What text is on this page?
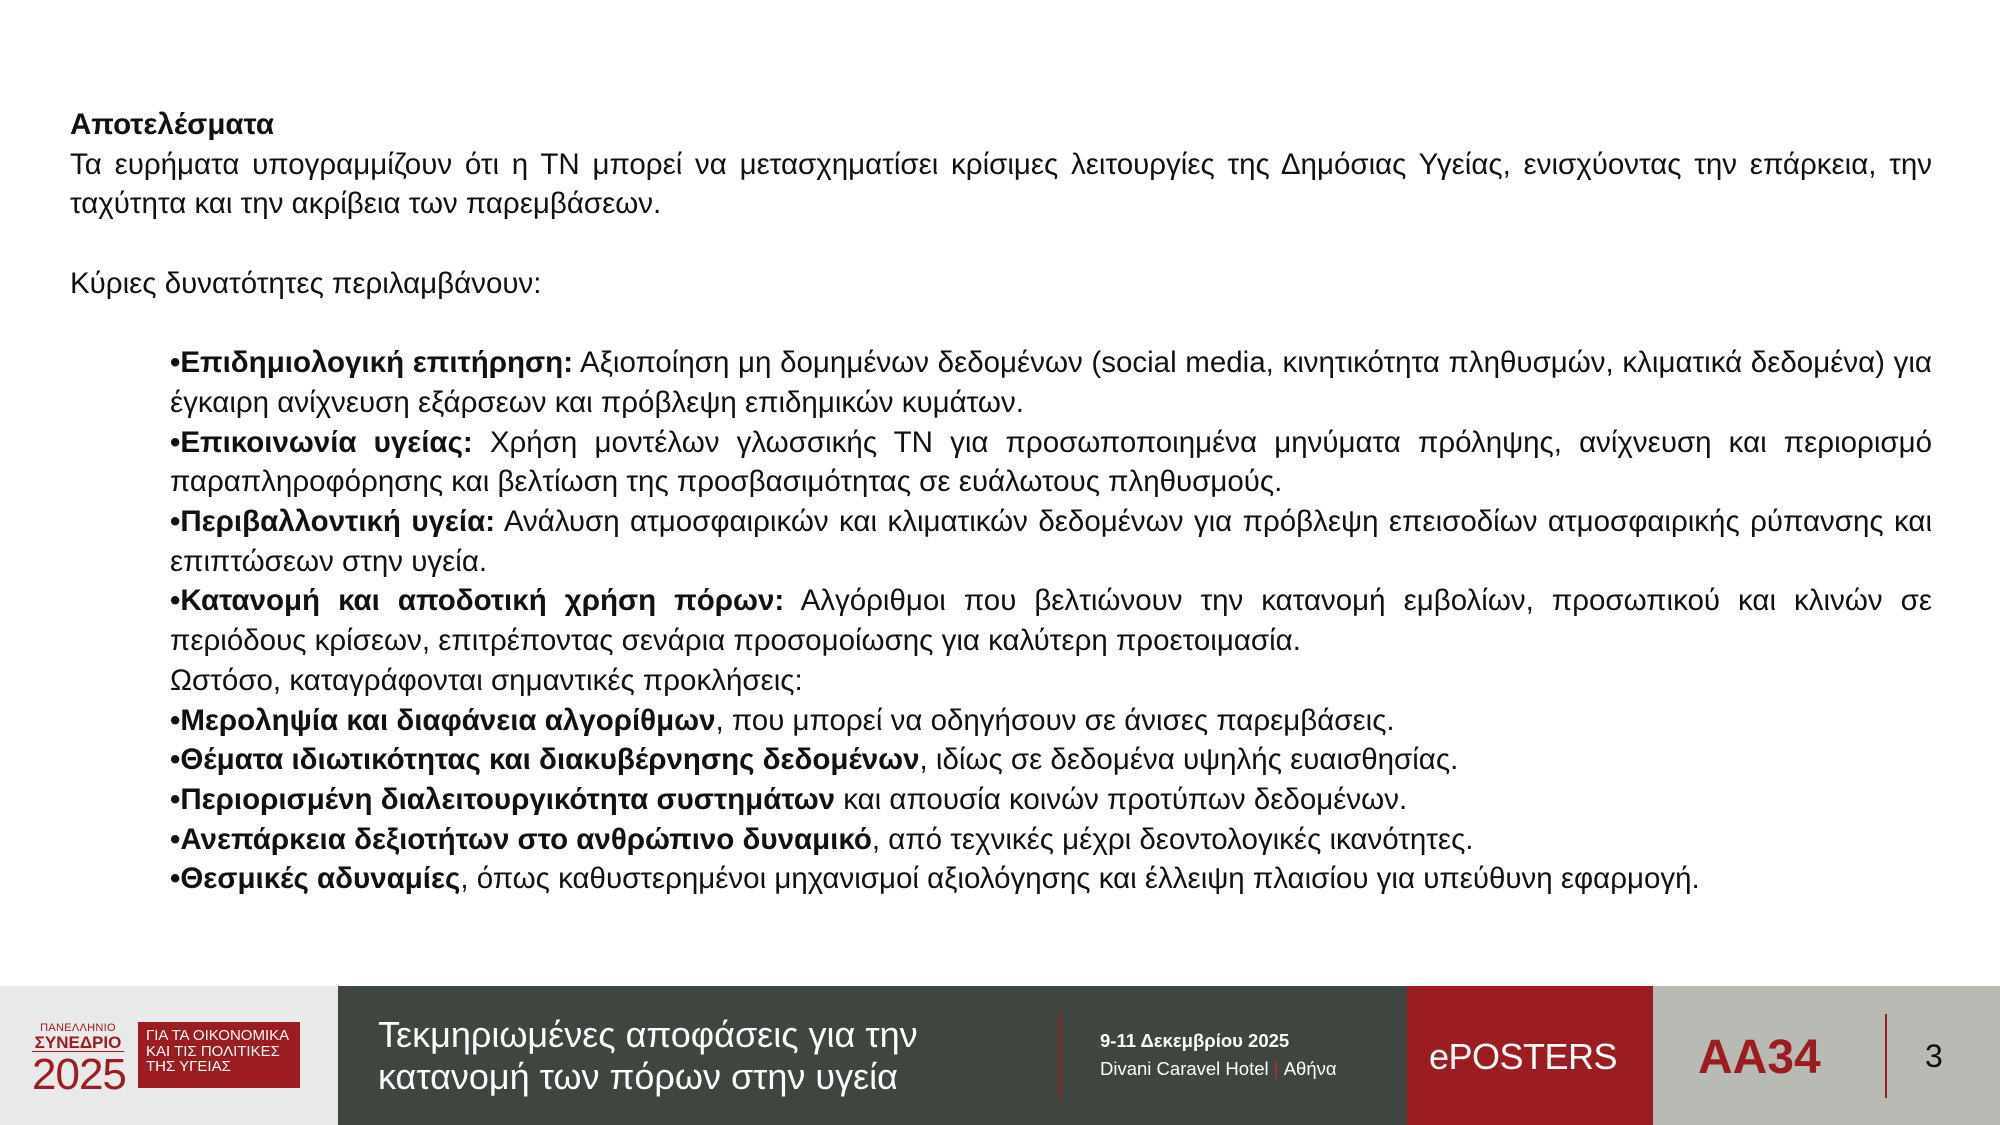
Αποτελέσματα

Τα ευρήματα υπογραμμίζουν ότι η ΤΝ μπορεί να μετασχηματίσει κρίσιμες λειτουργίες της Δημόσιας Υγείας, ενισχύοντας την επάρκεια, την ταχύτητα και την ακρίβεια των παρεμβάσεων.

Κύριες δυνατότητες περιλαμβάνουν:

•Επιδημιολογική επιτήρηση: Αξιοποίηση μη δομημένων δεδομένων (social media, κινητικότητα πληθυσμών, κλιματικά δεδομένα) για έγκαιρη ανίχνευση εξάρσεων και πρόβλεψη επιδημικών κυμάτων.

•Επικοινωνία υγείας: Χρήση μοντέλων γλωσσικής ΤΝ για προσωποποιημένα μηνύματα πρόληψης, ανίχνευση και περιορισμό παραπληροφόρησης και βελτίωση της προσβασιμότητας σε ευάλωτους πληθυσμούς.

•Περιβαλλοντική υγεία: Ανάλυση ατμοσφαιρικών και κλιματικών δεδομένων για πρόβλεψη επεισοδίων ατμοσφαιρικής ρύπανσης και επιπτώσεων στην υγεία.

•Κατανομή και αποδοτική χρήση πόρων: Αλγόριθμοι που βελτιώνουν την κατανομή εμβολίων, προσωπικού και κλινών σε περιόδους κρίσεων, επιτρέποντας σενάρια προσομοίωσης για καλύτερη προετοιμασία.

Ωστόσο, καταγράφονται σημαντικές προκλήσεις:

•Μεροληψία και διαφάνεια αλγορίθμων, που μπορεί να οδηγήσουν σε άνισες παρεμβάσεις.

•Θέματα ιδιωτικότητας και διακυβέρνησης δεδομένων, ιδίως σε δεδομένα υψηλής ευαισθησίας.

•Περιορισμένη διαλειτουργικότητα συστημάτων και απουσία κοινών προτύπων δεδομένων.

•Ανεπάρκεια δεξιοτήτων στο ανθρώπινο δυναμικό, από τεχνικές μέχρι δεοντολογικές ικανότητες.

•Θεσμικές αδυναμίες, όπως καθυστερημένοι μηχανισμοί αξιολόγησης και έλλειψη πλαισίου για υπεύθυνη εφαρμογή.

ΠΑΝΕΛΛΗΝΙΟ
ΣΥΝΕΔΡΙΟ
2025
ΓΙΑ ΤΑ ΟΙΚΟΝΟΜΙΚΑ
ΚΑΙ ΤΙΣ ΠΟΛΙΤΙΚΕΣ
ΤΗΣ ΥΓΕΙΑΣ
Τεκμηριωμένες αποφάσεις για την
κατανομή των πόρων στην υγεία
9-11 Δεκεμβρίου 2025
Divani Caravel Hotel | Αθήνα	ePOSTERS AA34	3
